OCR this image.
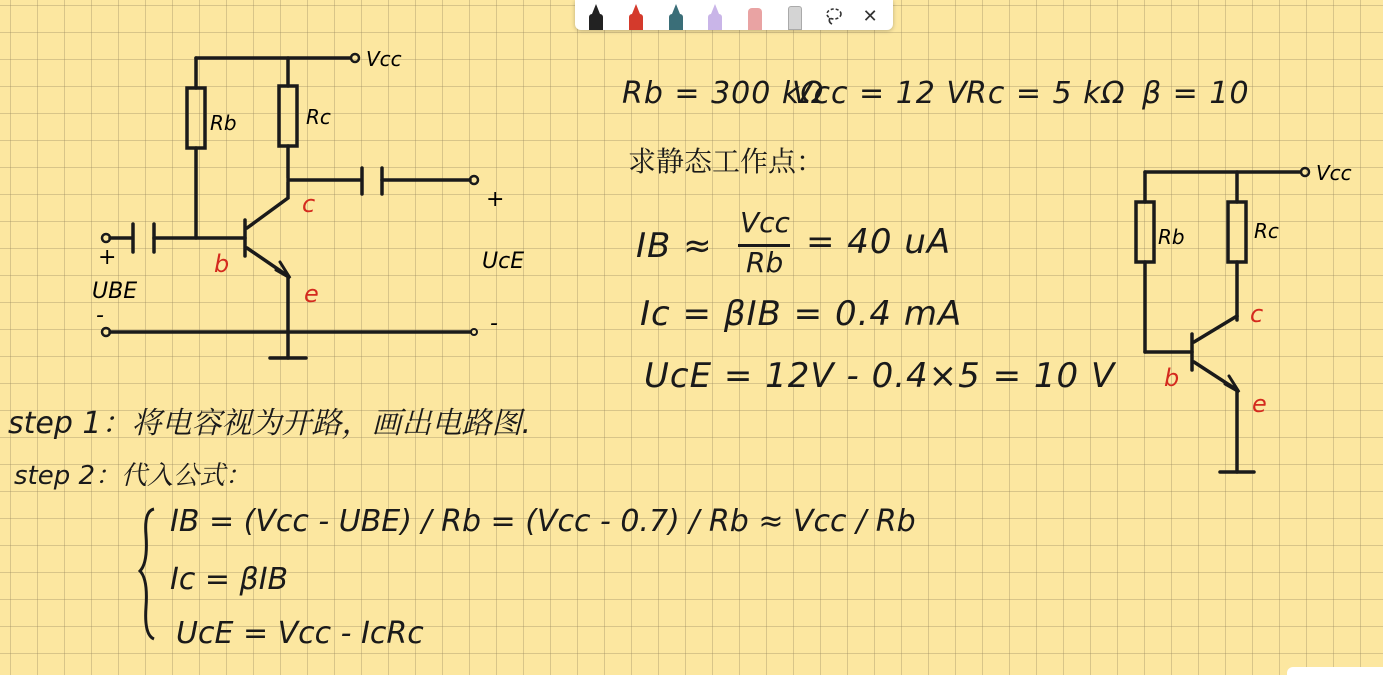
✕
Vcc
Rb	Rc
c
b
e
+
UBE
-
+
UcE
-
Vcc
Rb	Rc
c
b
e
Rb = 300 kΩ
Vcc = 12 V
Rc = 5 kΩ β = 10
求静态工作点：
IB ≈
Vcc
Rb
= 40 uA
Ic = βIB = 0.4 mA
UcE = 12V - 0.4×5 = 10 V
step 1：将电容视为开路，画出电路图.
step 2：代入公式：
IB = (Vcc - UBE) / Rb = (Vcc - 0.7) / Rb ≈ Vcc / Rb
Ic = βIB
UcE = Vcc - IcRc
